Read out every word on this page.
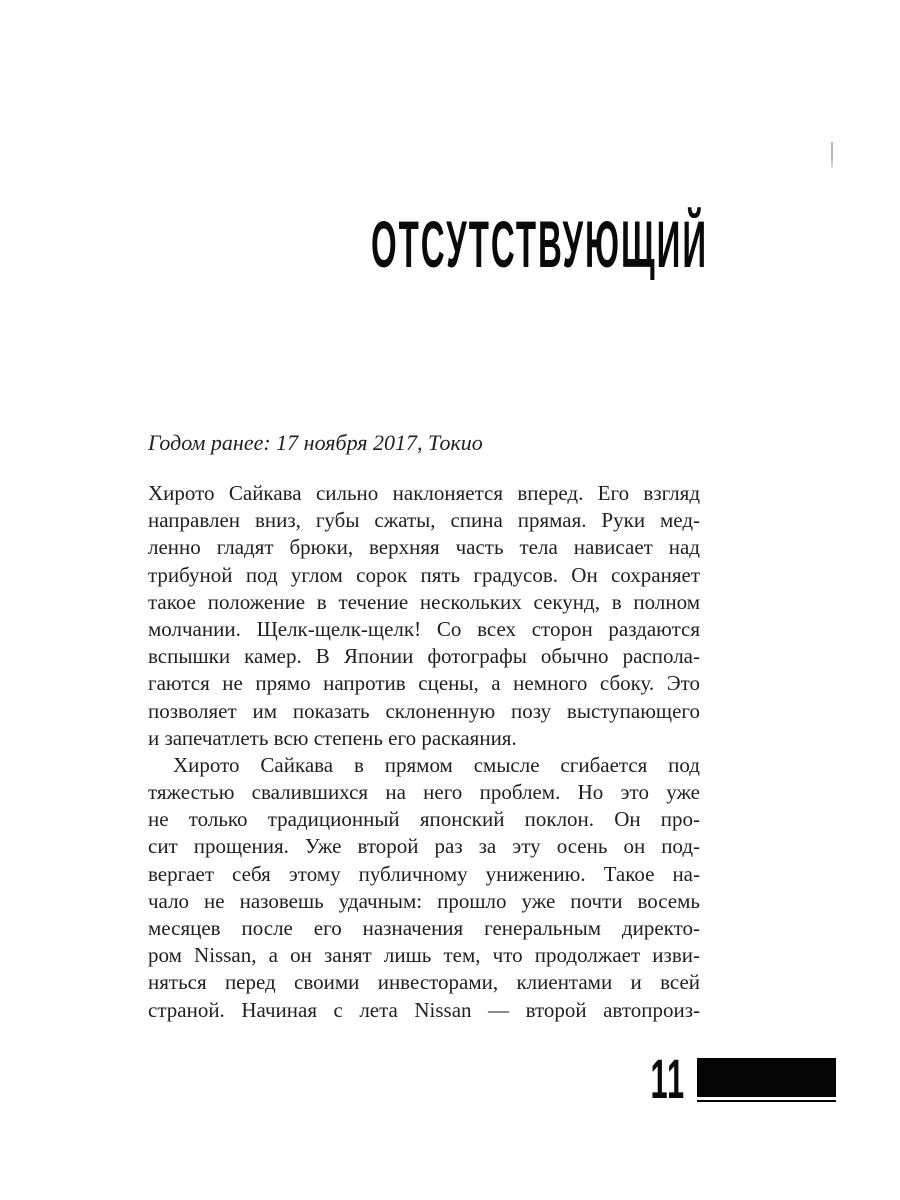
ОТСУТСТВУЮЩИЙ

Годом ранее: 17 ноября 2017, Токио

Хирото Сайкава сильно наклоняется вперед. Его взгляд
направлен вниз, губы сжаты, спина прямая. Руки мед-
ленно гладят брюки, верхняя часть тела нависает над
трибуной под углом сорок пять градусов. Он сохраняет
такое положение в течение нескольких секунд, в полном
молчании. Щелк-щелк-щелк! Со всех сторон раздаются
вспышки камер. В Японии фотографы обычно распола-
гаются не прямо напротив сцены, а немного сбоку. Это
позволяет им показать склоненную позу выступающего
и запечатлеть всю степень его раскаяния.
Хирото Сайкава в прямом смысле сгибается под
тяжестью свалившихся на него проблем. Но это уже
не только традиционный японский поклон. Он про-
сит прощения. Уже второй раз за эту осень он под-
вергает себя этому публичному унижению. Такое на-
чало не назовешь удачным: прошло уже почти восемь
месяцев после его назначения генеральным директо-
ром Nissan, а он занят лишь тем, что продолжает изви-
няться перед своими инвесторами, клиентами и всей
страной. Начиная с лета Nissan — второй автопроиз-
11
